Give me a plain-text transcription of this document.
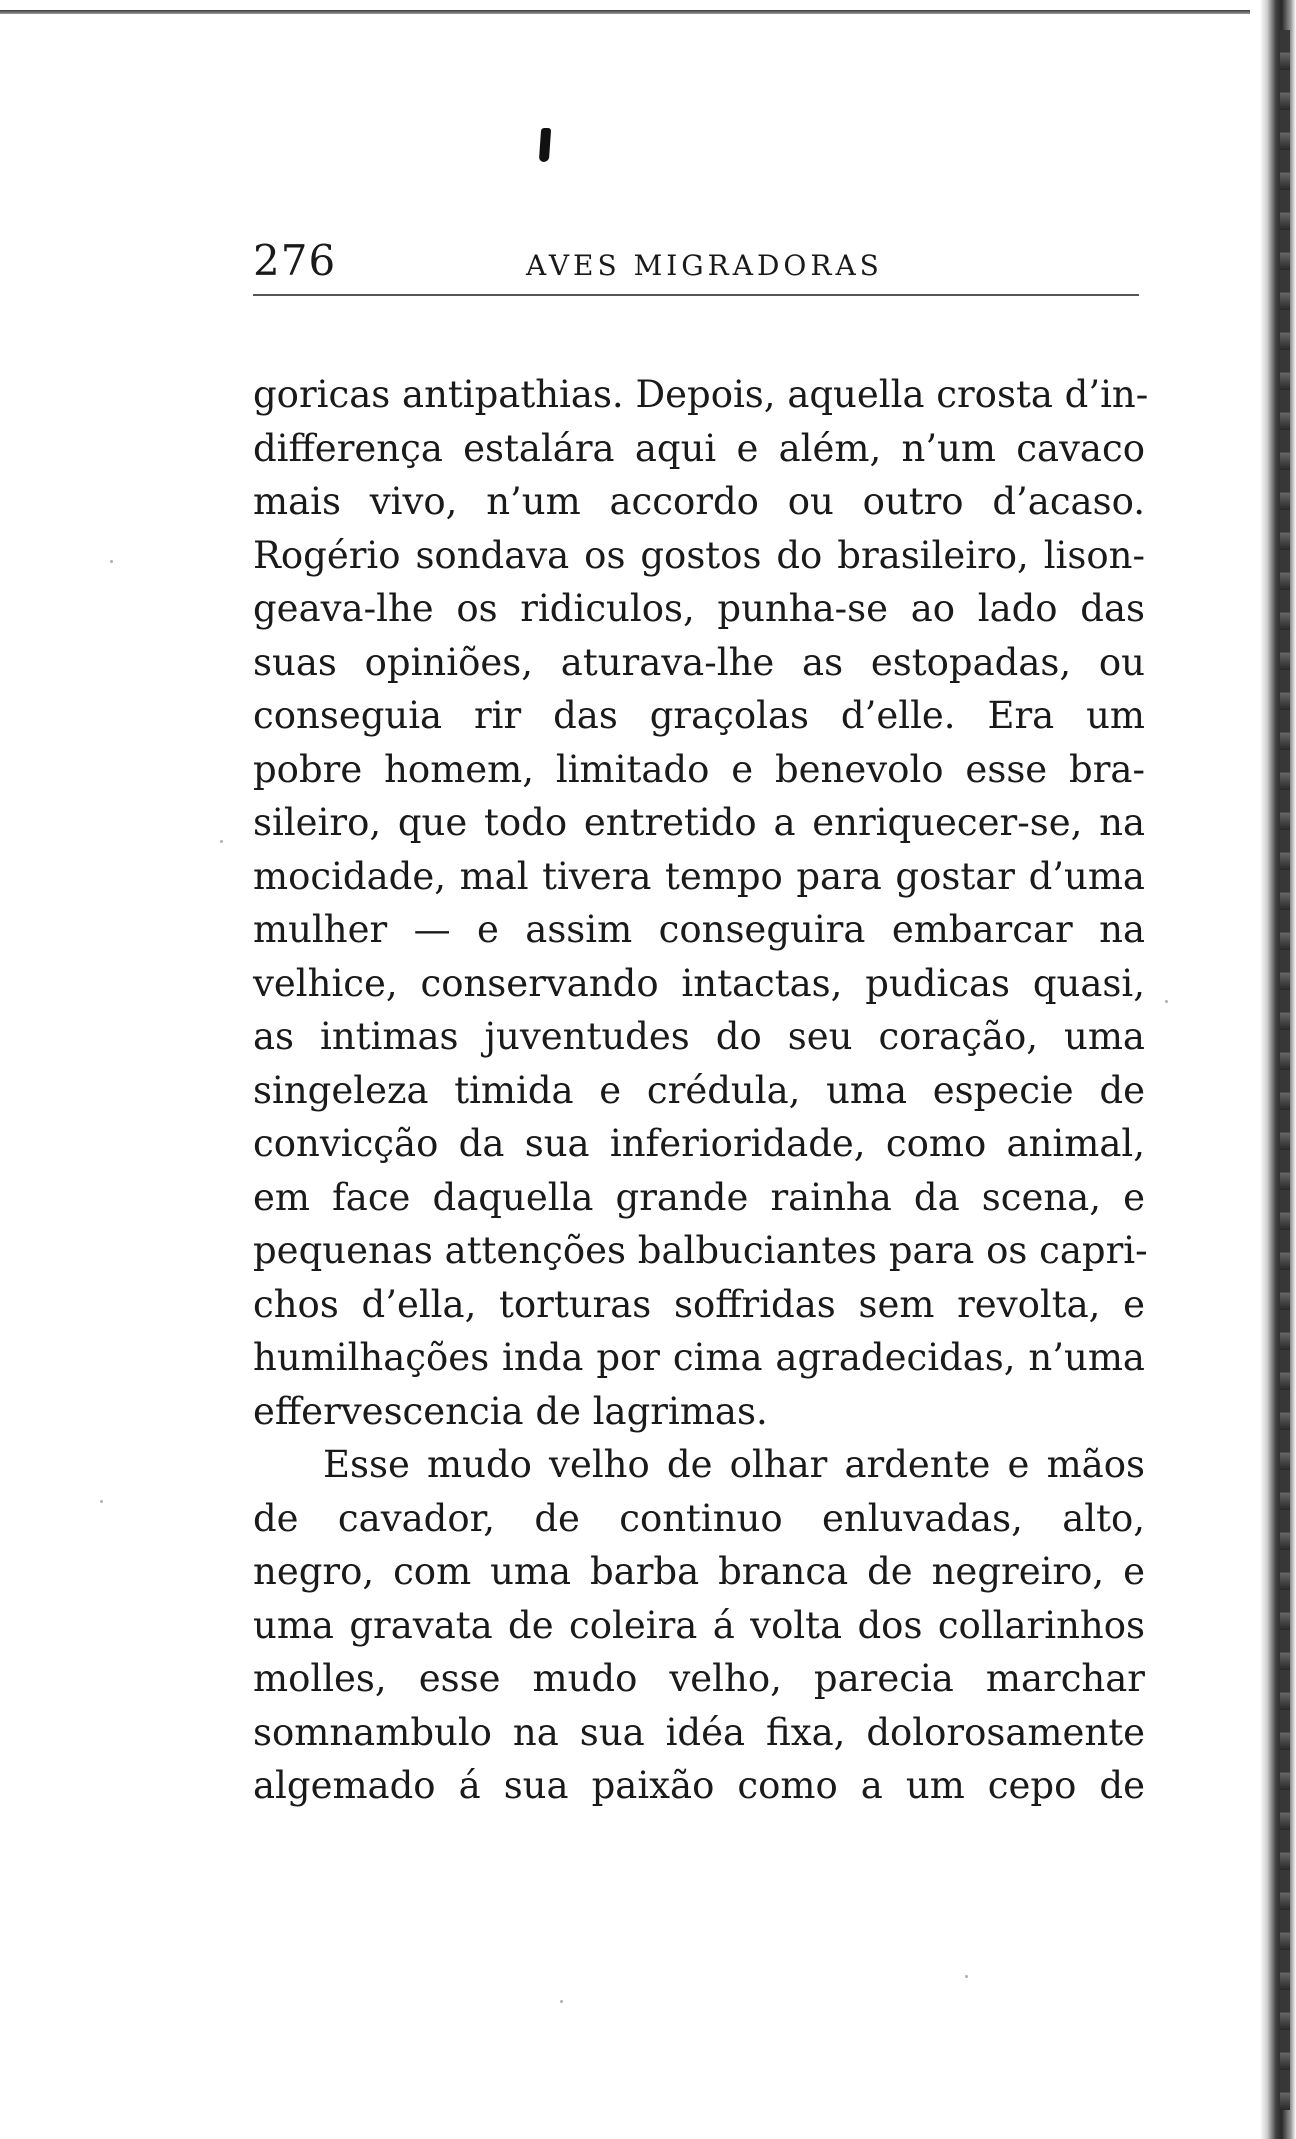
276	AVES MIGRADORAS
goricas antipathias. Depois, aquella crosta d’in-
differença estalára aqui e além, n’um cavaco
mais vivo, n’um accordo ou outro d’acaso.
Rogério sondava os gostos do brasileiro, lison-
geava-lhe os ridiculos, punha-se ao lado das
suas opiniões, aturava-lhe as estopadas, ou
conseguia rir das graçolas d’elle. Era um
pobre homem, limitado e benevolo esse bra-
sileiro, que todo entretido a enriquecer-se, na
mocidade, mal tivera tempo para gostar d’uma
mulher — e assim conseguira embarcar na
velhice, conservando intactas, pudicas quasi,
as intimas juventudes do seu coração, uma
singeleza timida e crédula, uma especie de
convicção da sua inferioridade, como animal,
em face daquella grande rainha da scena, e
pequenas attenções balbuciantes para os capri-
chos d’ella, torturas soffridas sem revolta, e
humilhações inda por cima agradecidas, n’uma
effervescencia de lagrimas.
Esse mudo velho de olhar ardente e mãos
de cavador, de continuo enluvadas, alto,
negro, com uma barba branca de negreiro, e
uma gravata de coleira á volta dos collarinhos
molles, esse mudo velho, parecia marchar
somnambulo na sua idéa fixa, dolorosamente
algemado á sua paixão como a um cepo de
